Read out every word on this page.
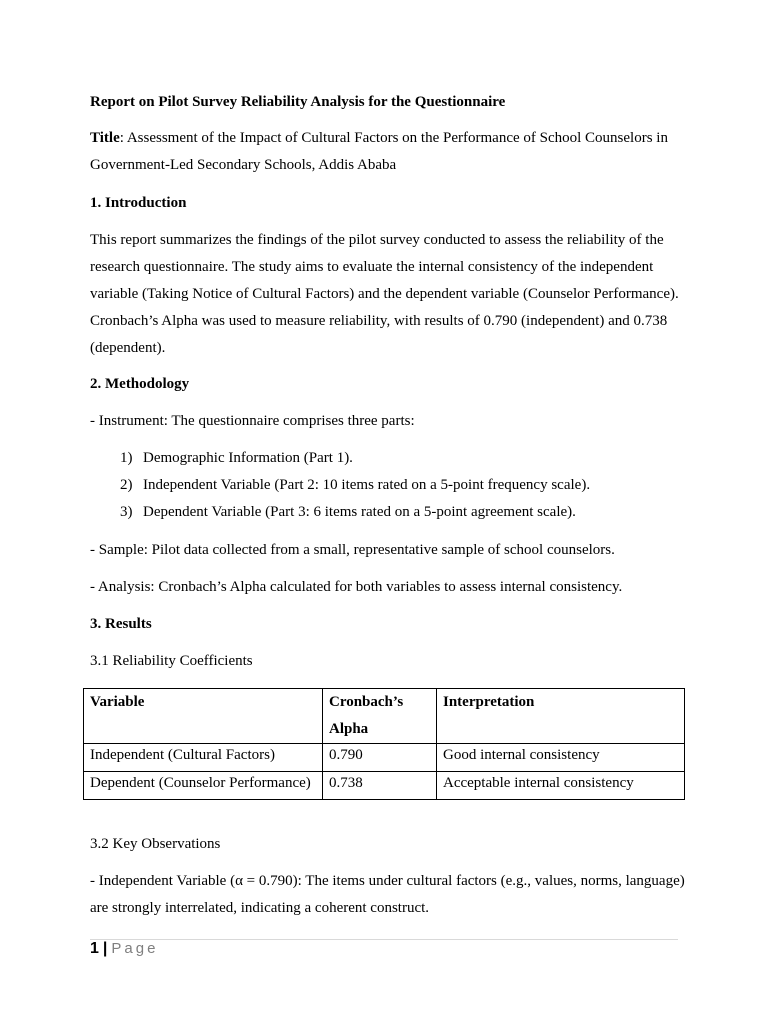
Report on Pilot Survey Reliability Analysis for the Questionnaire

Title: Assessment of the Impact of Cultural Factors on the Performance of School Counselors in Government-Led Secondary Schools, Addis Ababa

1. Introduction

This report summarizes the findings of the pilot survey conducted to assess the reliability of the research questionnaire. The study aims to evaluate the internal consistency of the independent variable (Taking Notice of Cultural Factors) and the dependent variable (Counselor Performance). Cronbach’s Alpha was used to measure reliability, with results of 0.790 (independent) and 0.738 (dependent).

2. Methodology

- Instrument: The questionnaire comprises three parts:

1) Demographic Information (Part 1).
2) Independent Variable (Part 2: 10 items rated on a 5-point frequency scale).
3) Dependent Variable (Part 3: 6 items rated on a 5-point agreement scale).

- Sample: Pilot data collected from a small, representative sample of school counselors.

- Analysis: Cronbach’s Alpha calculated for both variables to assess internal consistency.

3. Results

3.1 Reliability Coefficients

Variable	Cronbach’s Alpha	Interpretation
Independent (Cultural Factors)	0.790	Good internal consistency
Dependent (Counselor Performance)	0.738	Acceptable internal consistency

3.2 Key Observations

- Independent Variable (α = 0.790): The items under cultural factors (e.g., values, norms, language) are strongly interrelated, indicating a coherent construct.

1 | Page
